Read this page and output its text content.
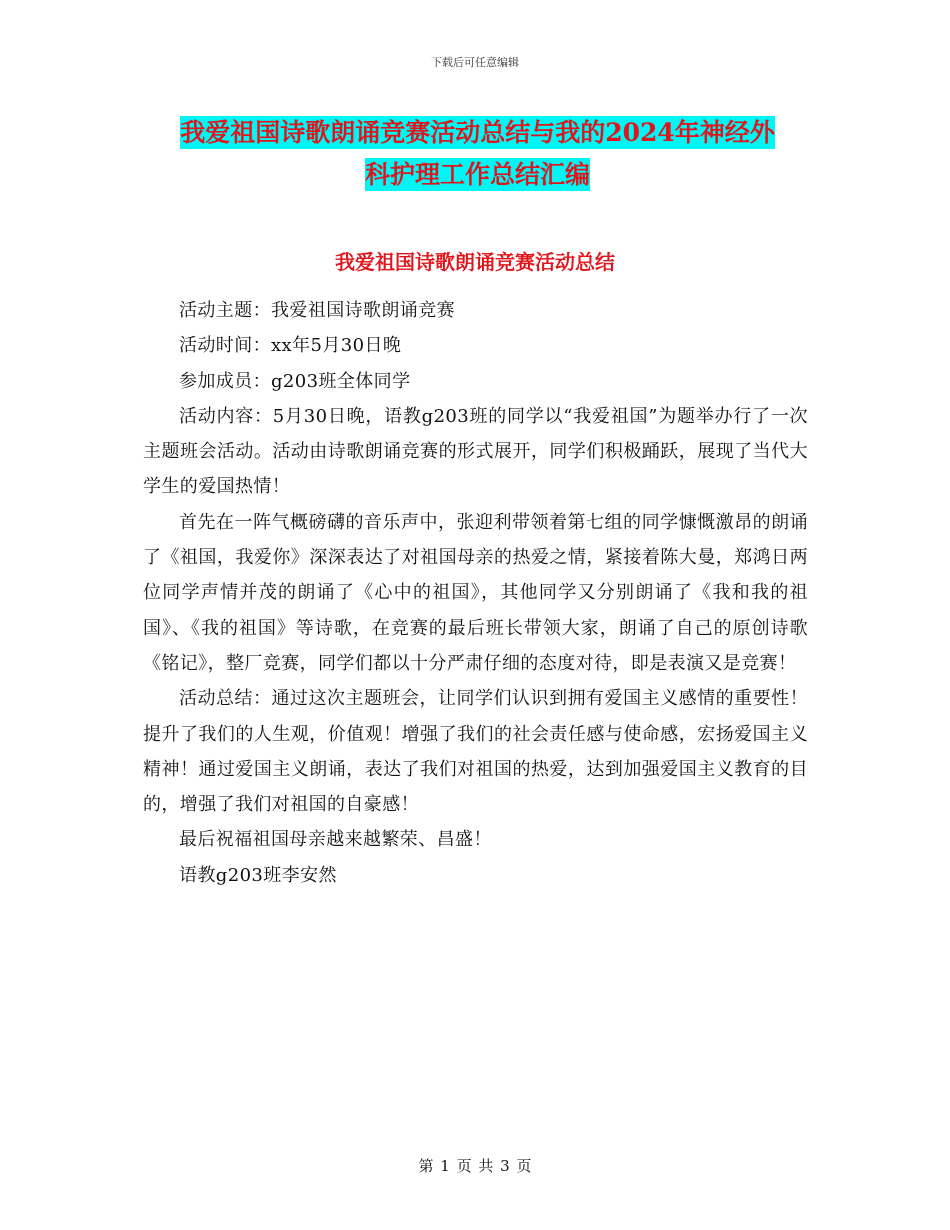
下载后可任意编辑
我爱祖国诗歌朗诵竞赛活动总结与我的2024年神经外
科护理工作总结汇编
我爱祖国诗歌朗诵竞赛活动总结

活动主题：我爱祖国诗歌朗诵竞赛

活动时间：xx年5月30日晚

参加成员：g203班全体同学

活动内容：5月30日晚，语教g203班的同学以“我爱祖国”为题举办行了一次主题班会活动。活动由诗歌朗诵竞赛的形式展开，同学们积极踊跃，展现了当代大学生的爱国热情！

首先在一阵气概磅礴的音乐声中，张迎利带领着第七组的同学慷慨激昂的朗诵了《祖国，我爱你》深深表达了对祖国母亲的热爱之情，紧接着陈大曼，郑鸿日两位同学声情并茂的朗诵了《心中的祖国》，其他同学又分别朗诵了《我和我的祖国》、《我的祖国》等诗歌，在竞赛的最后班长带领大家，朗诵了自己的原创诗歌《铭记》，整厂竞赛，同学们都以十分严肃仔细的态度对待，即是表演又是竞赛！

活动总结：通过这次主题班会，让同学们认识到拥有爱国主义感情的重要性！提升了我们的人生观，价值观！增强了我们的社会责任感与使命感，宏扬爱国主义精神！通过爱国主义朗诵，表达了我们对祖国的热爱，达到加强爱国主义教育的目的，增强了我们对祖国的自豪感！

最后祝福祖国母亲越来越繁荣、昌盛！

语教g203班李安然

第 1 页 共 3 页
